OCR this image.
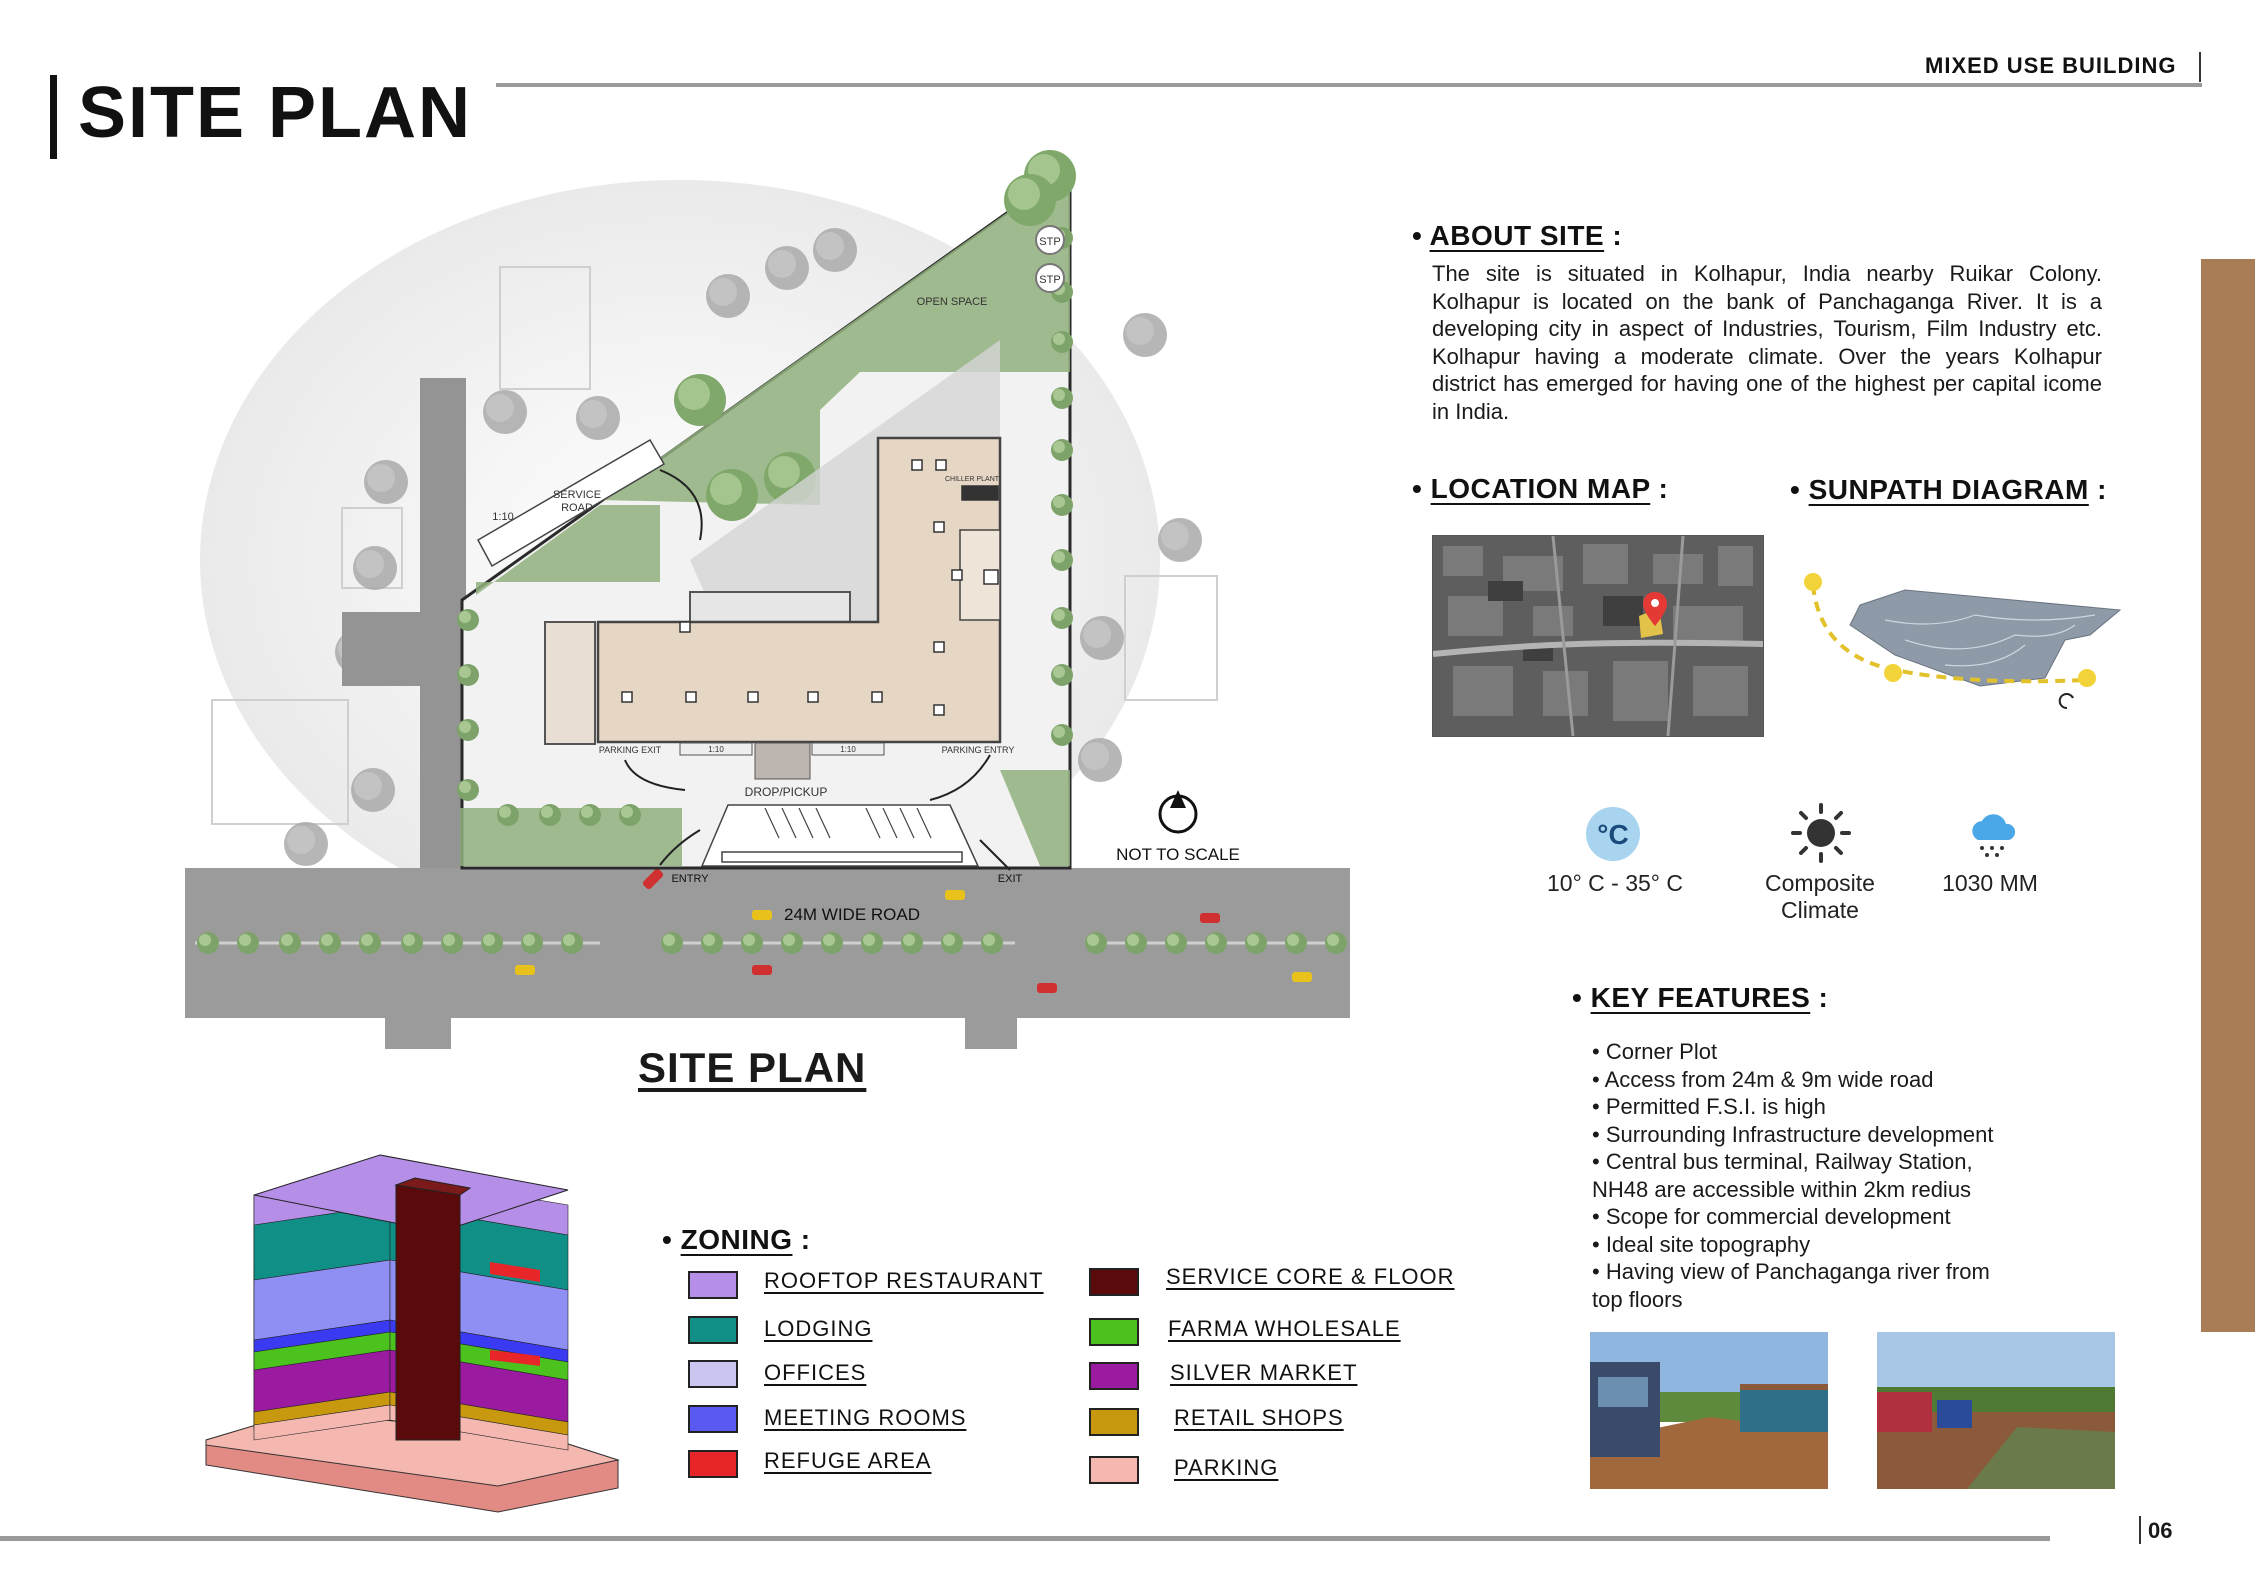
SITE PLAN
MIXED USE BUILDING
STP
STP
OPEN SPACE
SERVICE
ROAD
1:10
CHILLER PLANT
1:10	1:10
PARKING EXIT	PARKING ENTRY
DROP/PICKUP
ENTRY	EXIT
24M WIDE ROAD
NOT TO SCALE
SITE PLAN
• ABOUT SITE :
The site is situated in Kolhapur, India nearby Ruikar Colony. Kolhapur is located on the bank of Panchaganga River. It is a developing city in aspect of Industries, Tourism, Film Industry etc. Kolhapur having a moderate climate. Over the years Kolhapur district has emerged for having one of the highest per capital icome in India.
• LOCATION MAP :	• SUNPATH DIAGRAM :
°C
10° C - 35° C	Composite
Climate
1030 MM
• KEY FEATURES :
• Corner Plot
• Access from 24m & 9m wide road
• Permitted F.S.I. is high
• Surrounding Infrastructure development
• Central bus terminal, Railway Station,
NH48 are accessible within 2km redius
• Scope for commercial development
• Ideal site topography
• Having view of Panchaganga river from
top floors
• ZONING :
ROOFTOP RESTAURANT
LODGING
OFFICES
MEETING ROOMS
REFUGE AREA
SERVICE CORE & FLOOR
FARMA WHOLESALE
SILVER MARKET
RETAIL SHOPS
PARKING
06
